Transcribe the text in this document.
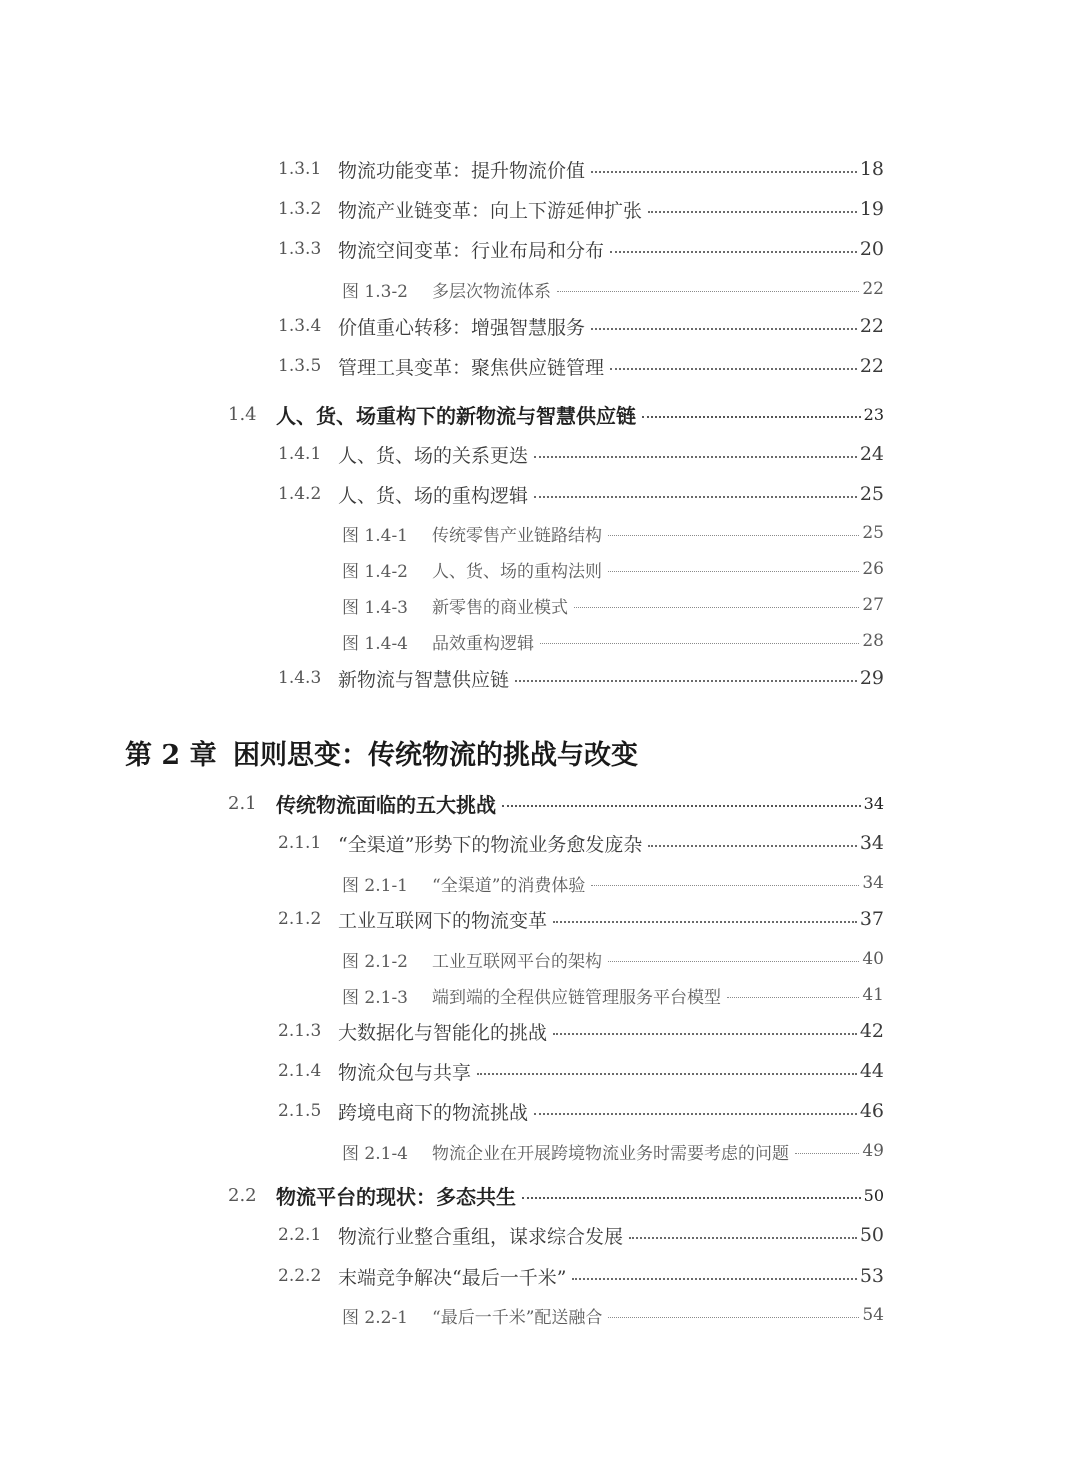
1.3.1 物流功能变革：提升物流价值	18
1.3.2 物流产业链变革：向上下游延伸扩张	19
1.3.3 物流空间变革：行业布局和分布	20
图 1.3-2	多层次物流体系	22
1.3.4 价值重心转移：增强智慧服务	22
1.3.5 管理工具变革：聚焦供应链管理	22
1.4 人、货、场重构下的新物流与智慧供应链	23
1.4.1 人、货、场的关系更迭	24
1.4.2 人、货、场的重构逻辑	25
图 1.4-1	传统零售产业链路结构	25
图 1.4-2	人、货、场的重构法则	26
图 1.4-3	新零售的商业模式	27
图 1.4-4	品效重构逻辑	28
1.4.3 新物流与智慧供应链	29
第 2 章 困则思变：传统物流的挑战与改变
2.1 传统物流面临的五大挑战	34
2.1.1 “全渠道”形势下的物流业务愈发庞杂	34
图 2.1-1	“全渠道”的消费体验	34
2.1.2 工业互联网下的物流变革	37
图 2.1-2	工业互联网平台的架构	40
图 2.1-3	端到端的全程供应链管理服务平台模型	41
2.1.3 大数据化与智能化的挑战	42
2.1.4 物流众包与共享	44
2.1.5 跨境电商下的物流挑战	46
图 2.1-4	物流企业在开展跨境物流业务时需要考虑的问题	49
2.2 物流平台的现状：多态共生	50
2.2.1 物流行业整合重组，谋求综合发展	50
2.2.2 末端竞争解决“最后一千米”	53
图 2.2-1	“最后一千米”配送融合	54
